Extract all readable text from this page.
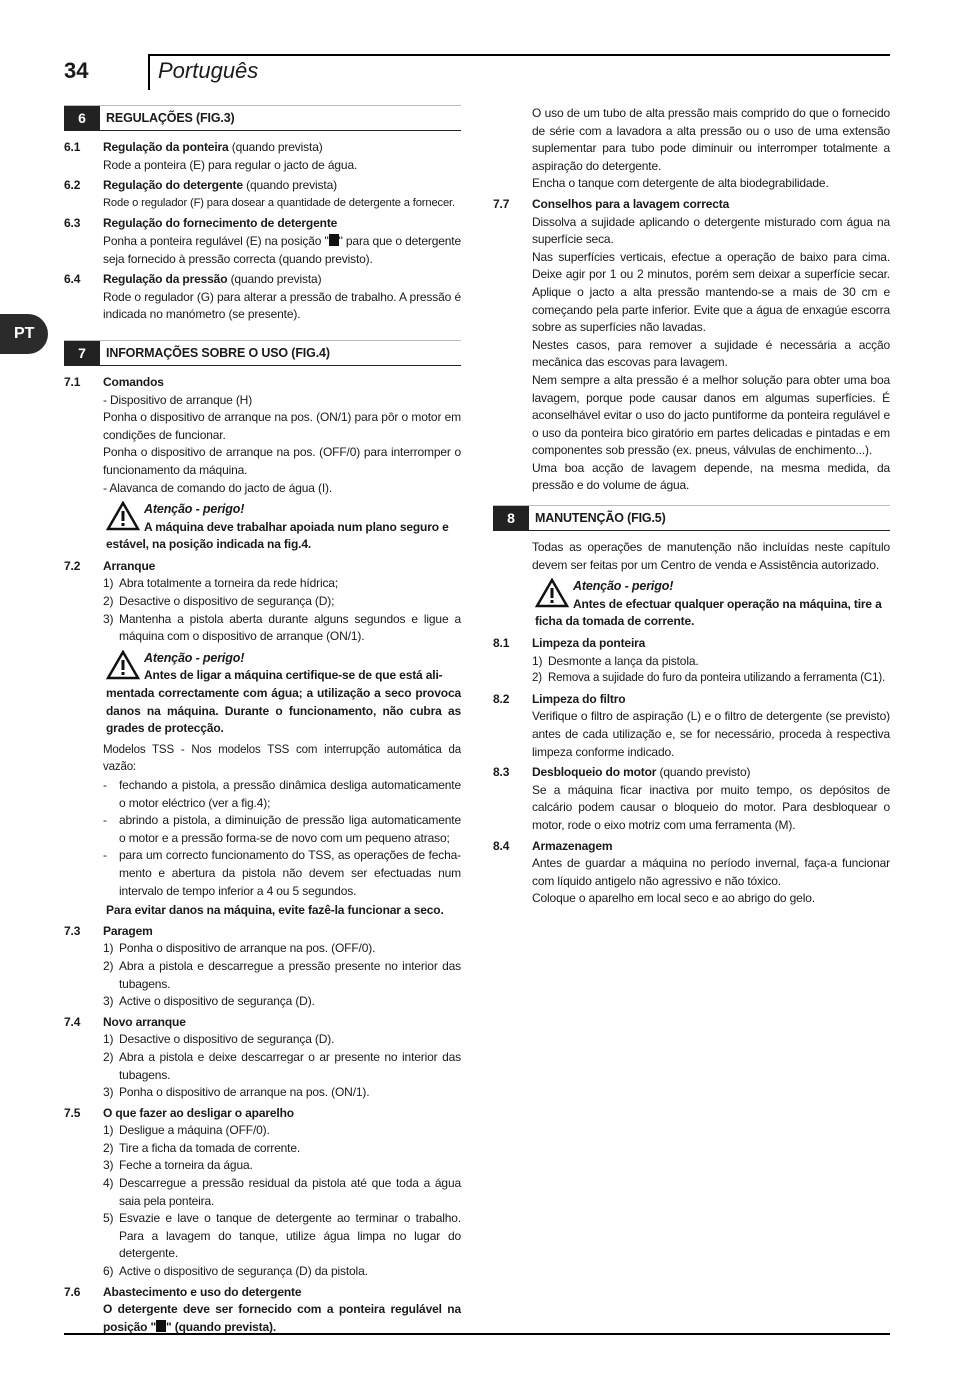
34	Português
PT
6	REGULAÇÕES (FIG.3)
6.1	Regulação da ponteira (quando prevista)

Rode a ponteira (E) para regular o jacto de água.

6.2	Regulação do detergente (quando prevista)

Rode o regulador (F) para dosear a quantidade de detergente a fornecer.

6.3	Regulação do fornecimento de detergente

Ponha a ponteira regulável (E) na posição " " para que o detergente seja fornecido à pressão correcta (quando previsto).

6.4	Regulação da pressão (quando prevista)

Rode o regulador (G) para alterar a pressão de trabalho. A pressão é indicada no manómetro (se presente).

7	INFORMAÇÕES SOBRE O USO (FIG.4)
7.1	Comandos

- Dispositivo de arranque (H)

Ponha o dispositivo de arranque na pos. (ON/1) para pôr o motor em condições de funcionar.

Ponha o dispositivo de arranque na pos. (OFF/0) para interromper o funcionamento da máquina.

- Alavanca de comando do jacto de água (I).

Atenção - perigo!
A máquina deve trabalhar apoiada num plano seguro e
estável, na posição indicada na fig.4.
7.2	Arranque
1) Abra totalmente a torneira da rede hídrica;
2) Desactive o dispositivo de segurança (D);
3) Mantenha a pistola aberta durante alguns segundos e ligue a máquina com o dispositivo de arranque (ON/1).
Atenção - perigo!
Antes de ligar a máquina certifique-se de que está ali-
mentada correctamente com água; a utilização a seco provoca danos na máquina. Durante o funcionamento, não cubra as grades de protecção.

Modelos TSS - Nos modelos TSS com interrupção automática da vazão:

-	fechando a pistola, a pressão dinâmica desliga automaticamente o motor eléctrico (ver a fig.4);
-	abrindo a pistola, a diminuição de pressão liga automaticamente o motor e a pressão forma-se de novo com um pequeno atraso;
-	para um correcto funcionamento do TSS, as operações de fecha-mento e abertura da pistola não devem ser efectuadas num intervalo de tempo inferior a 4 ou 5 segundos.

Para evitar danos na máquina, evite fazê-la funcionar a seco.

7.3	Paragem
1) Ponha o dispositivo de arranque na pos. (OFF/0).
2) Abra a pistola e descarregue a pressão presente no interior das tubagens.
3) Active o dispositivo de segurança (D).
7.4	Novo arranque
1) Desactive o dispositivo de segurança (D).
2) Abra a pistola e deixe descarregar o ar presente no interior das tubagens.
3) Ponha o dispositivo de arranque na pos. (ON/1).
7.5	O que fazer ao desligar o aparelho
1) Desligue a máquina (OFF/0).
2) Tire a ficha da tomada de corrente.
3) Feche a torneira da água.
4) Descarregue a pressão residual da pistola até que toda a água saia pela ponteira.
5) Esvazie e lave o tanque de detergente ao terminar o trabalho. Para a lavagem do tanque, utilize água limpa no lugar do detergente.
6) Active o dispositivo de segurança (D) da pistola.
7.6	Abastecimento e uso do detergente

O detergente deve ser fornecido com a ponteira regulável na posição " " (quando prevista).

O uso de um tubo de alta pressão mais comprido do que o fornecido de série com a lavadora a alta pressão ou o uso de uma extensão suplementar para tubo pode diminuir ou interromper totalmente a aspiração do detergente.

Encha o tanque com detergente de alta biodegrabilidade.

7.7	Conselhos para a lavagem correcta

Dissolva a sujidade aplicando o detergente misturado com água na superfície seca.

Nas superfícies verticais, efectue a operação de baixo para cima. Deixe agir por 1 ou 2 minutos, porém sem deixar a superfície secar. Aplique o jacto a alta pressão mantendo-se a mais de 30 cm e começando pela parte inferior. Evite que a água de enxagúe escorra sobre as superfícies não lavadas.

Nestes casos, para remover a sujidade é necessária a acção mecânica das escovas para lavagem.

Nem sempre a alta pressão é a melhor solução para obter uma boa lavagem, porque pode causar danos em algumas superfícies. É aconselhável evitar o uso do jacto puntiforme da ponteira regulável e o uso da ponteira bico giratório em partes delicadas e pintadas e em componentes sob pressão (ex. pneus, válvulas de enchimento...).

Uma boa acção de lavagem depende, na mesma medida, da pressão e do volume de água.

8	MANUTENÇÃO (FIG.5)

Todas as operações de manutenção não incluídas neste capítulo devem ser feitas por um Centro de venda e Assistência autorizado.

Atenção - perigo!
Antes de efectuar qualquer operação na máquina, tire a
ficha da tomada de corrente.
8.1	Limpeza da ponteira
1) Desmonte a lança da pistola.
2) Remova a sujidade do furo da ponteira utilizando a ferramenta (C1).
8.2	Limpeza do filtro

Verifique o filtro de aspiração (L) e o filtro de detergente (se previsto) antes de cada utilização e, se for necessário, proceda à respectiva limpeza conforme indicado.

8.3	Desbloqueio do motor (quando previsto)

Se a máquina ficar inactiva por muito tempo, os depósitos de calcário podem causar o bloqueio do motor. Para desbloquear o motor, rode o eixo motriz com uma ferramenta (M).

8.4	Armazenagem

Antes de guardar a máquina no período invernal, faça-a funcionar com líquido antigelo não agressivo e não tóxico.

Coloque o aparelho em local seco e ao abrigo do gelo.
